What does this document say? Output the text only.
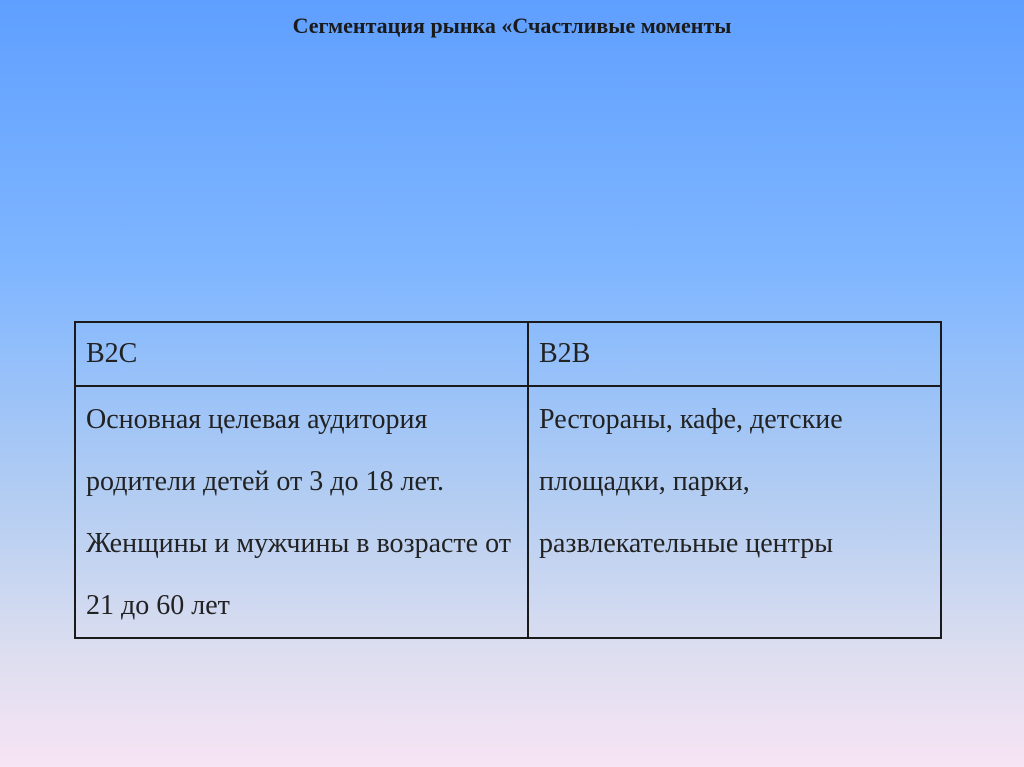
Сегментация рынка «Счастливые моменты
B2C	B2B
Основная целевая аудитория родители детей от 3 до 18 лет. Женщины и мужчины в возрасте от 21 до 60 лет	Рестораны, кафе, детские площадки, парки, развлекательные центры
